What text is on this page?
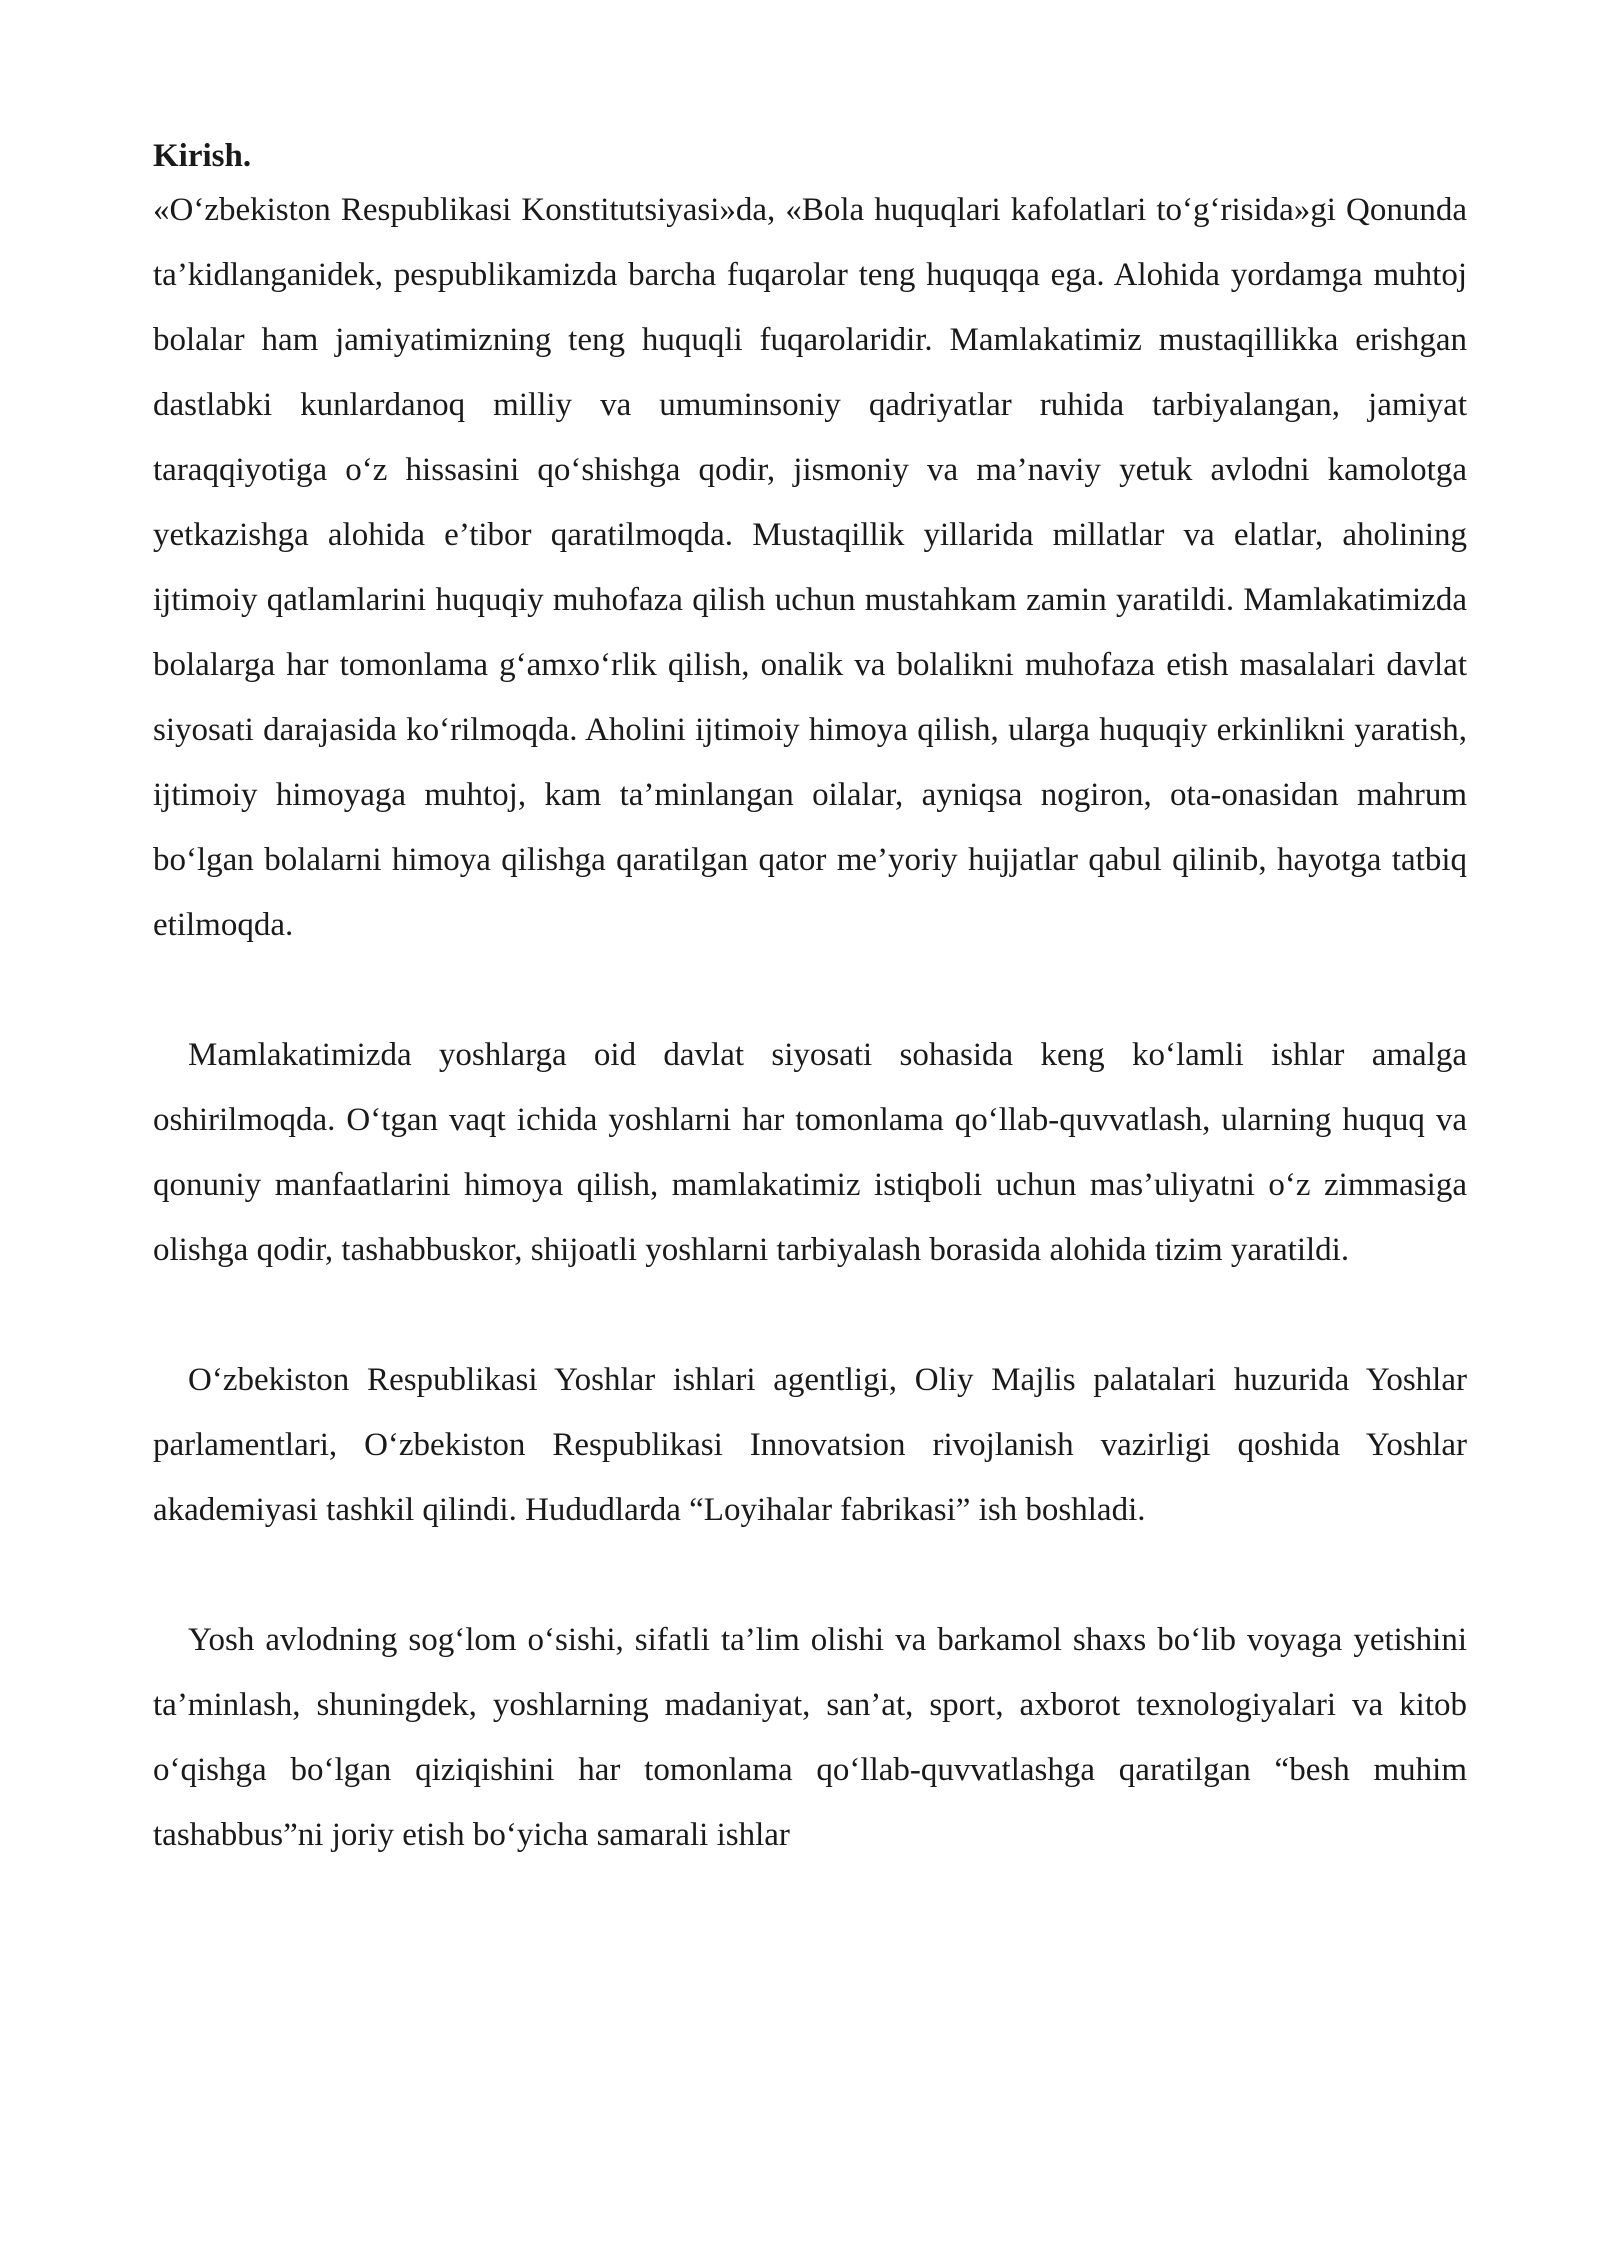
Kirish.

«O‘zbekiston Respublikasi Konstitutsiyasi»da, «Bola huquqlari kafolatlari to‘g‘risida»gi Qonunda ta’kidlanganidek, pespublikamizda barcha fuqarolar teng huquqqa ega. Alohida yordamga muhtoj bolalar ham jamiyatimizning teng huquqli fuqarolaridir. Mamlakatimiz mustaqillikka erishgan dastlabki kunlardanoq milliy va umuminsoniy qadriyatlar ruhida tarbiyalangan, jamiyat taraqqiyotiga o‘z hissasini qo‘shishga qodir, jismoniy va ma’naviy yetuk avlodni kamolotga yetkazishga alohida e’tibor qaratilmoqda. Mustaqillik yillarida millatlar va elatlar, aholining ijtimoiy qatlamlarini huquqiy muhofaza qilish uchun mustahkam zamin yaratildi. Mamlakatimizda bolalarga har tomonlama g‘amxo‘rlik qilish, onalik va bolalikni muhofaza etish masalalari davlat siyosati darajasida ko‘rilmoqda. Aholini ijtimoiy himoya qilish, ularga huquqiy erkinlikni yaratish, ijtimoiy himoyaga muhtoj, kam ta’minlangan oilalar, ayniqsa nogiron, ota-onasidan mahrum bo‘lgan bolalarni himoya qilishga qaratilgan qator me’yoriy hujjatlar qabul qilinib, hayotga tatbiq etilmoqda.

Mamlakatimizda yoshlarga oid davlat siyosati sohasida keng ko‘lamli ishlar amalga oshirilmoqda. O‘tgan vaqt ichida yoshlarni har tomonlama qo‘llab-quvvatlash, ularning huquq va qonuniy manfaatlarini himoya qilish, mamlakatimiz istiqboli uchun mas’uliyatni o‘z zimmasiga olishga qodir, tashabbuskor, shijoatli yoshlarni tarbiyalash borasida alohida tizim yaratildi.

O‘zbekiston Respublikasi Yoshlar ishlari agentligi, Oliy Majlis palatalari huzurida Yoshlar parlamentlari, O‘zbekiston Respublikasi Innovatsion rivojlanish vazirligi qoshida Yoshlar akademiyasi tashkil qilindi. Hududlarda “Loyihalar fabrikasi” ish boshladi.

Yosh avlodning sog‘lom o‘sishi, sifatli ta’lim olishi va barkamol shaxs bo‘lib voyaga yetishini ta’minlash, shuningdek, yoshlarning madaniyat, san’at, sport, axborot texnologiyalari va kitob o‘qishga bo‘lgan qiziqishini har tomonlama qo‘llab-quvvatlashga qaratilgan “besh muhim tashabbus”ni joriy etish bo‘yicha samarali ishlar
